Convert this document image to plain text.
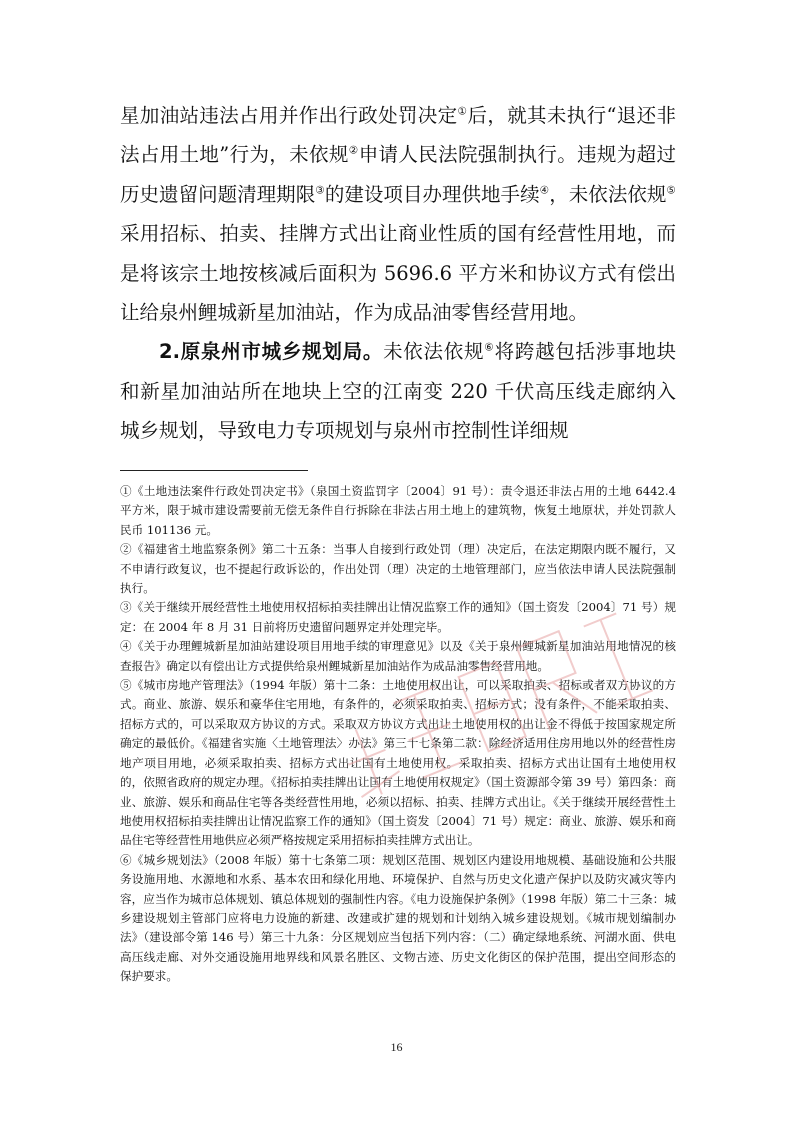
星加油站违法占用并作出行政处罚决定①后，就其未执行“退还非法占用土地”行为，未依规②申请人民法院强制执行。违规为超过历史遗留问题清理期限③的建设项目办理供地手续④，未依法依规⑤采用招标、拍卖、挂牌方式出让商业性质的国有经营性用地，而是将该宗土地按核减后面积为 5696.6 平方米和协议方式有偿出让给泉州鲤城新星加油站，作为成品油零售经营用地。

2.原泉州市城乡规划局。未依法依规⑥将跨越包括涉事地块和新星加油站所在地块上空的江南变 220 千伏高压线走廊纳入城乡规划，导致电力专项规划与泉州市控制性详细规

①《土地违法案件行政处罚决定书》（泉国土资监罚字〔2004〕91 号）：责令退还非法占用的土地 6442.4 平方米，限于城市建设需要前无偿无条件自行拆除在非法占用土地上的建筑物，恢复土地原状，并处罚款人民币 101136 元。

②《福建省土地监察条例》第二十五条：当事人自接到行政处罚（理）决定后，在法定期限内既不履行，又不申请行政复议，也不提起行政诉讼的，作出处罚（理）决定的土地管理部门，应当依法申请人民法院强制执行。

③《关于继续开展经营性土地使用权招标拍卖挂牌出让情况监察工作的通知》（国土资发〔2004〕71 号）规定：在 2004 年 8 月 31 日前将历史遗留问题界定并处理完毕。

④《关于办理鲤城新星加油站建设项目用地手续的审理意见》以及《关于泉州鲤城新星加油站用地情况的核查报告》确定以有偿出让方式提供给泉州鲤城新星加油站作为成品油零售经营用地。

⑤《城市房地产管理法》（1994 年版）第十二条：土地使用权出让，可以采取拍卖、招标或者双方协议的方式。商业、旅游、娱乐和豪华住宅用地，有条件的，必须采取拍卖、招标方式；没有条件，不能采取拍卖、招标方式的，可以采取双方协议的方式。采取双方协议方式出让土地使用权的出让金不得低于按国家规定所确定的最低价。《福建省实施〈土地管理法〉办法》第三十七条第二款：除经济适用住房用地以外的经营性房地产项目用地，必须采取拍卖、招标方式出让国有土地使用权。采取拍卖、招标方式出让国有土地使用权的，依照省政府的规定办理。《招标拍卖挂牌出让国有土地使用权规定》（国土资源部令第 39 号）第四条：商业、旅游、娱乐和商品住宅等各类经营性用地，必须以招标、拍卖、挂牌方式出让。《关于继续开展经营性土地使用权招标拍卖挂牌出让情况监察工作的通知》（国土资发〔2004〕71 号）规定：商业、旅游、娱乐和商品住宅等经营性用地供应必须严格按规定采用招标拍卖挂牌方式出让。

⑥《城乡规划法》（2008 年版）第十七条第二项：规划区范围、规划区内建设用地规模、基础设施和公共服务设施用地、水源地和水系、基本农田和绿化用地、环境保护、自然与历史文化遗产保护以及防灾减灾等内容，应当作为城市总体规划、镇总体规划的强制性内容。《电力设施保护条例》（1998 年版）第二十三条：城乡建设规划主管部门应将电力设施的新建、改建或扩建的规划和计划纳入城乡建设规划。《城市规划编制办法》（建设部令第 146 号）第三十九条：分区规划应当包括下列内容：（二）确定绿地系统、河湖水面、供电高压线走廊、对外交通设施用地界线和风景名胜区、文物古迹、历史文化街区的保护范围，提出空间形态的保护要求。

16
